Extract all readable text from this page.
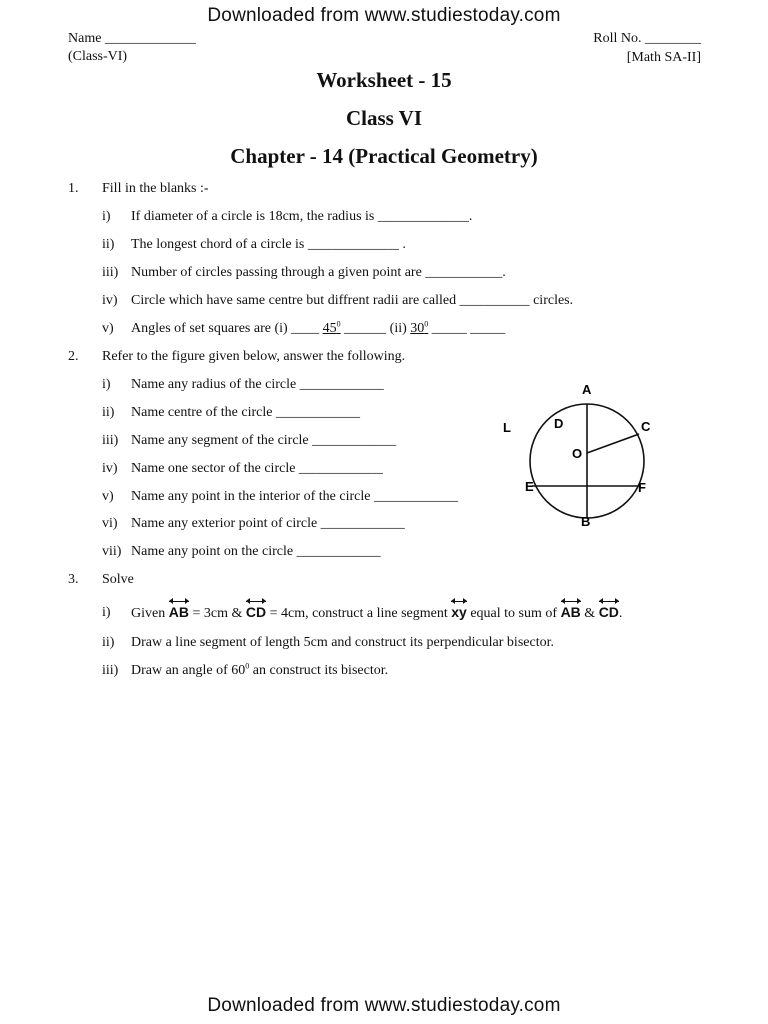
Downloaded from www.studiestoday.com
Downloaded from www.studiestoday.com
Name _____________
(Class-VI)
Roll No. ________
[Math SA-II]
Worksheet - 15
Class VI
Chapter - 14 (Practical Geometry)
1. Fill in the blanks :-
i) If diameter of a circle is 18cm, the radius is _____________.
ii) The longest chord of a circle is _____________ .
iii) Number of circles passing through a given point are ___________.
iv) Circle which have same centre but diffrent radii are called __________ circles.
v) Angles of set squares are (i) ____ $45^0$ ______ (ii) $30^0$ _____ _____
2. Refer to the figure given below, answer the following.
i) Name any radius of the circle ____________
ii) Name centre of the circle ____________
iii) Name any segment of the circle ____________
iv) Name one sector of the circle ____________
v) Name any point in the interior of the circle ____________
vi) Name any exterior point of circle ____________
vii) Name any point on the circle ____________
A
B
C
D
E	F
O
L
3. Solve
i) Given AB = 3cm & CD = 4cm, construct a line segment xy equal to sum of AB & CD
.
ii) Draw a line segment of length 5cm and construct its perpendicular bisector.
iii) Draw an angle of $60^0$ an construct its bisector.
